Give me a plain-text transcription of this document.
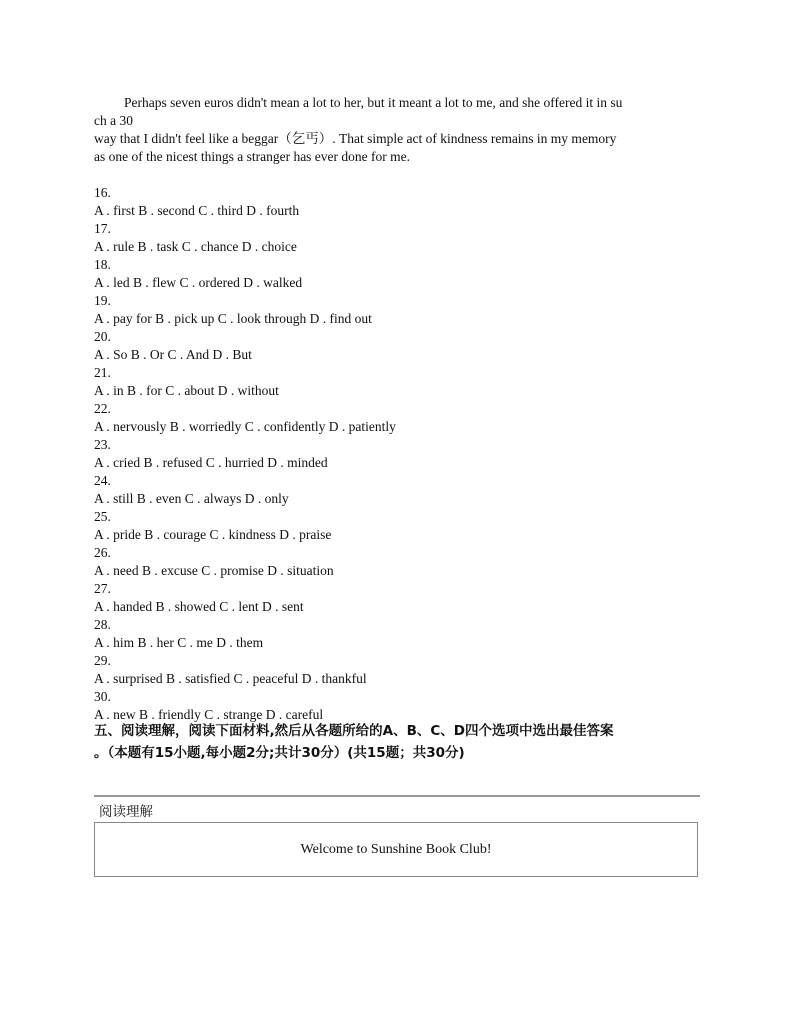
Perhaps seven euros didn't mean a lot to her, but it meant a lot to me, and she offered it in su

ch a 30

way that I didn't feel like a beggar（乞丐）. That simple act of kindness remains in my memory

as one of the nicest things a stranger has ever done for me.

16.
A . first B . second C . third D . fourth
17.
A . rule B . task C . chance D . choice
18.
A . led B . flew C . ordered D . walked
19.
A . pay for B . pick up C . look through D . find out
20.
A . So B . Or C . And D . But
21.
A . in B . for C . about D . without
22.
A . nervously B . worriedly C . confidently D . patiently
23.
A . cried B . refused C . hurried D . minded
24.
A . still B . even C . always D . only
25.
A . pride B . courage C . kindness D . praise
26.
A . need B . excuse C . promise D . situation
27.
A . handed B . showed C . lent D . sent
28.
A . him B . her C . me D . them
29.
A . surprised B . satisfied C . peaceful D . thankful
30.
A . new B . friendly C . strange D . careful
五、阅读理解，阅读下面材料,然后从各题所给的A、B、C、D四个选项中选出最佳答案
。（本题有15小题,每小题2分;共计30分）(共15题；共30分)
阅读理解
Welcome to Sunshine Book Club!
